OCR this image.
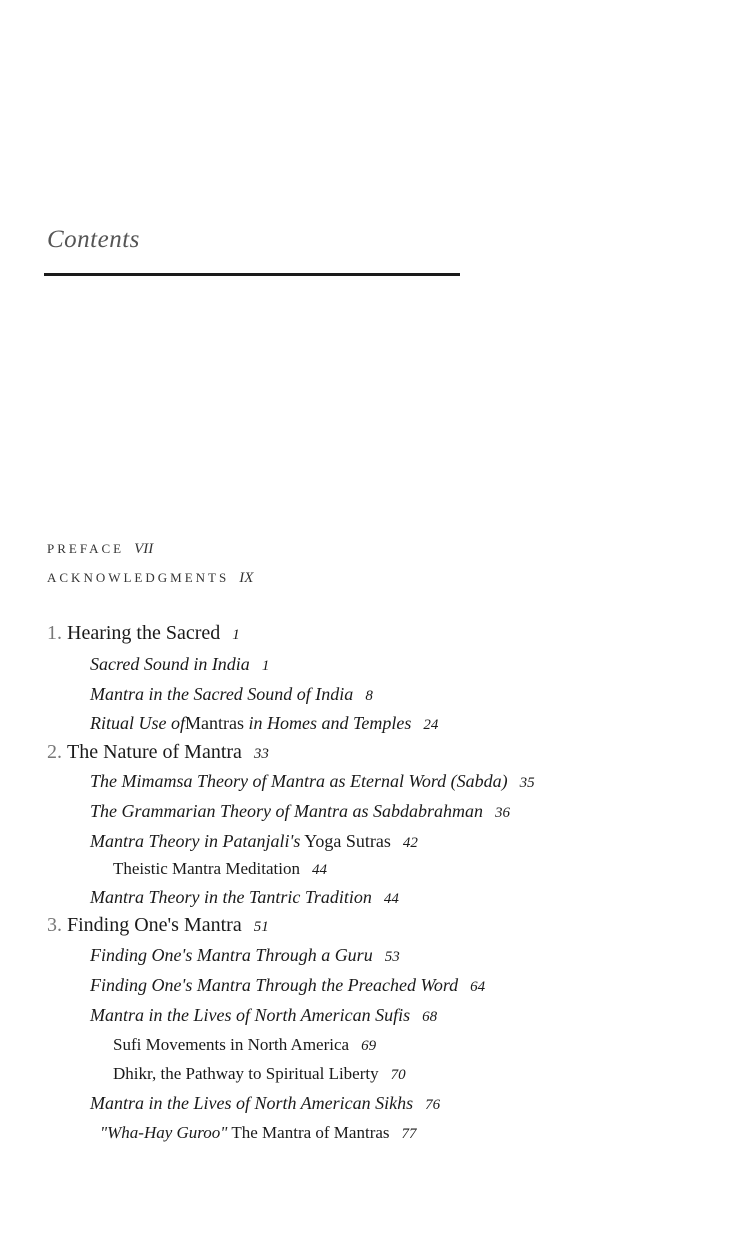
Contents
PREFACE VII
ACKNOWLEDGMENTS IX
1. Hearing the Sacred 1
Sacred Sound in India 1
Mantra in the Sacred Sound of India 8
Ritual Use ofMantras in Homes and Temples 24
2. The Nature of Mantra 33
The Mimamsa Theory of Mantra as Eternal Word (Sabda) 35
The Grammarian Theory of Mantra as Sabdabrahman 36
Mantra Theory in Patanjali's Yoga Sutras 42
Theistic Mantra Meditation 44
Mantra Theory in the Tantric Tradition 44
3. Finding One's Mantra 51
Finding One's Mantra Through a Guru 53
Finding One's Mantra Through the Preached Word 64
Mantra in the Lives of North American Sufis 68
Sufi Movements in North America 69
Dhikr, the Pathway to Spiritual Liberty 70
Mantra in the Lives of North American Sikhs 76
"Wha-Hay Guroo" The Mantra of Mantras 77
